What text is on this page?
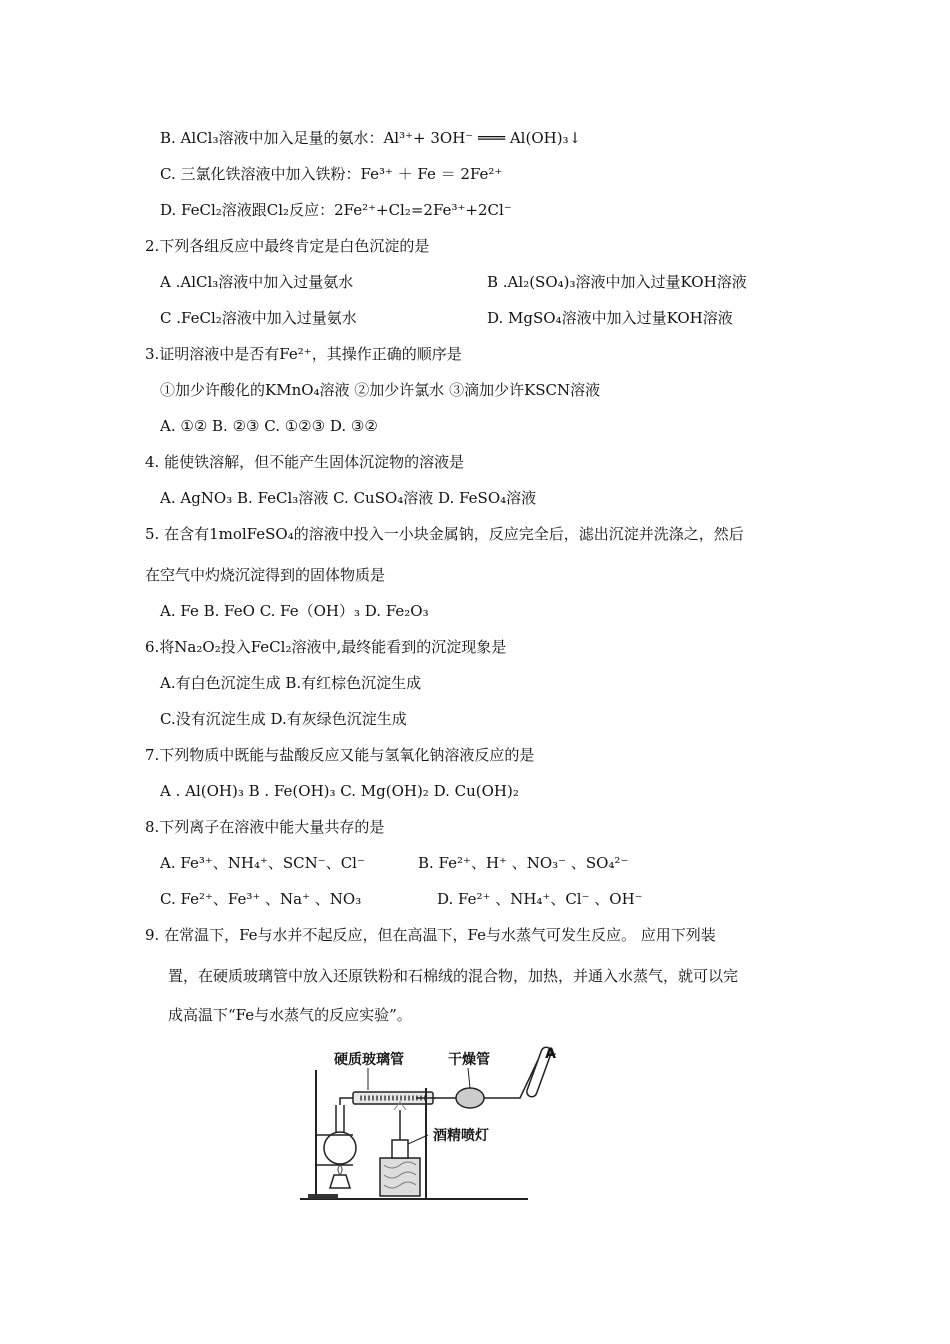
B. AlCl₃溶液中加入足量的氨水：Al³⁺+ 3OH⁻ ═══ Al(OH)₃↓
C. 三氯化铁溶液中加入铁粉：Fe³⁺ ＋ Fe ＝ 2Fe²⁺
D. FeCl₂溶液跟Cl₂反应：2Fe²⁺+Cl₂=2Fe³⁺+2Cl⁻
2.下列各组反应中最终肯定是白色沉淀的是
A .AlCl₃溶液中加入过量氨水	B .Al₂(SO₄)₃溶液中加入过量KOH溶液
C .FeCl₂溶液中加入过量氨水	D. MgSO₄溶液中加入过量KOH溶液
3.证明溶液中是否有Fe²⁺，其操作正确的顺序是
①加少许酸化的KMnO₄溶液 ②加少许氯水 ③滴加少许KSCN溶液
A. ①② B. ②③ C. ①②③ D. ③②
4. 能使铁溶解，但不能产生固体沉淀物的溶液是
A. AgNO₃ B. FeCl₃溶液 C. CuSO₄溶液 D. FeSO₄溶液
5. 在含有1molFeSO₄的溶液中投入一小块金属钠，反应完全后，滤出沉淀并洗涤之，然后
在空气中灼烧沉淀得到的固体物质是
A. Fe B. FeO C. Fe（OH）₃ D. Fe₂O₃
6.将Na₂O₂投入FeCl₂溶液中,最终能看到的沉淀现象是
A.有白色沉淀生成 B.有红棕色沉淀生成
C.没有沉淀生成 D.有灰绿色沉淀生成
7.下列物质中既能与盐酸反应又能与氢氧化钠溶液反应的是
A . Al(OH)₃ B . Fe(OH)₃ C. Mg(OH)₂ D. Cu(OH)₂
8.下列离子在溶液中能大量共存的是
A. Fe³⁺、NH₄⁺、SCN⁻、Cl⁻	B. Fe²⁺、H⁺ 、NO₃⁻ 、SO₄²⁻
C. Fe²⁺、Fe³⁺ 、Na⁺ 、NO₃	D. Fe²⁺ 、NH₄⁺、Cl⁻ 、OH⁻
9. 在常温下，Fe与水并不起反应，但在高温下，Fe与水蒸气可发生反应。 应用下列装
置，在硬质玻璃管中放入还原铁粉和石棉绒的混合物，加热，并通入水蒸气，就可以完
成高温下“Fe与水蒸气的反应实验”。
硬质玻璃管	干燥管
酒精喷灯
A
